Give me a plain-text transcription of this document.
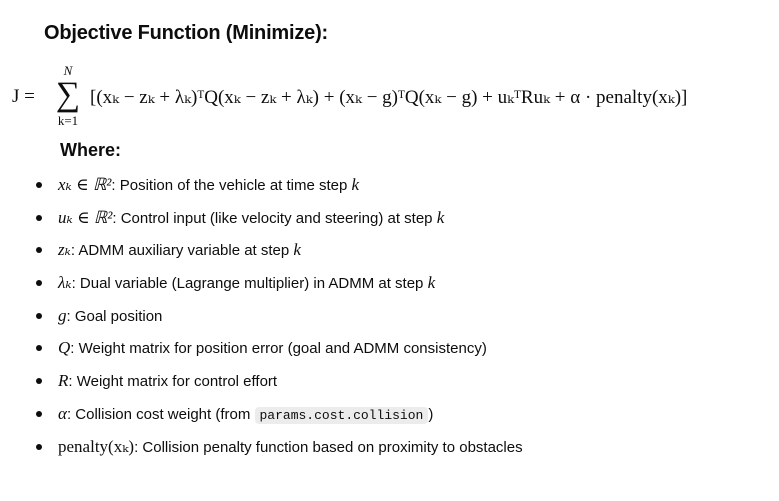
Objective Function (Minimize):
J =
N
∑
k=1
[(xₖ − zₖ + λₖ)ᵀQ(xₖ − zₖ + λₖ) + (xₖ − g)ᵀQ(xₖ − g) + uₖᵀRuₖ + α · penalty(xₖ)]
Where:
xₖ ∈ ℝ²: Position of the vehicle at time step k
uₖ ∈ ℝ²: Control input (like velocity and steering) at step k
zₖ: ADMM auxiliary variable at step k
λₖ: Dual variable (Lagrange multiplier) in ADMM at step k
g: Goal position
Q: Weight matrix for position error (goal and ADMM consistency)
R: Weight matrix for control effort
α: Collision cost weight (from params.cost.collision )
penalty(xₖ): Collision penalty function based on proximity to obstacles
